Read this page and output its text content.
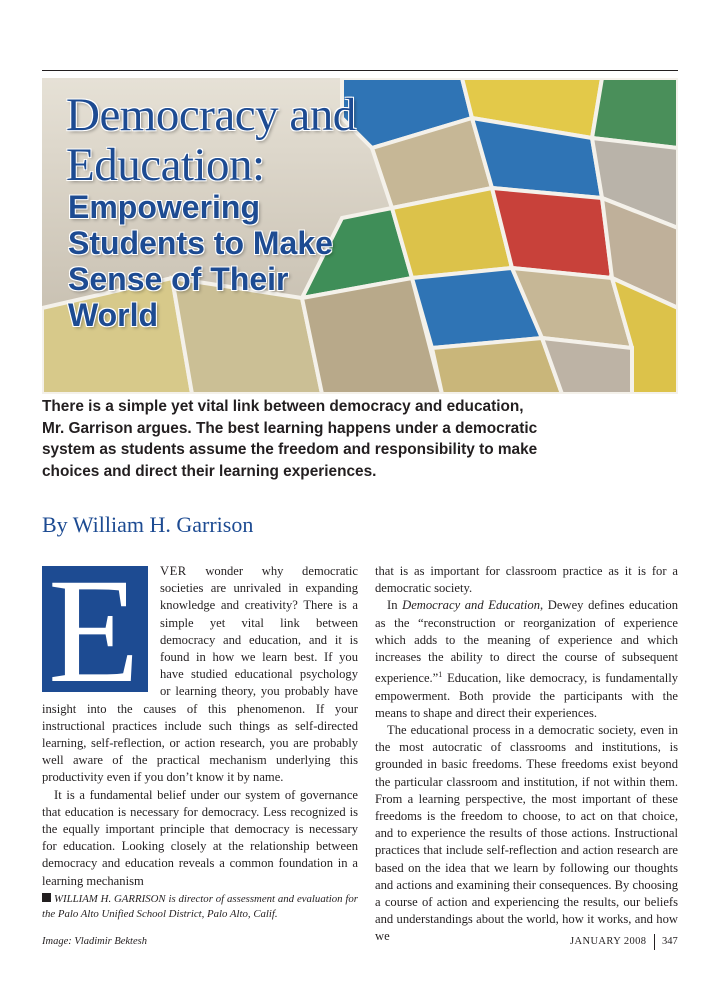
Democracy and
Education:
Empowering
Students to Make
Sense of Their
World
There is a simple yet vital link between democracy and education,
Mr. Garrison argues. The best learning happens under a democratic
system as students assume the freedom and responsibility to make
choices and direct their learning experiences.
By William H. Garrison
E	VER wonder why democratic societies are unrivaled in expanding knowledge and creativity? There is a simple yet vital link between democracy and education, and it is found in how we learn best. If you have studied educational psychology or learning theory, you probably have insight into the causes of this phenomenon. If your instructional practices include such things as self-directed learning, self-reflection, or action research, you are probably well aware of the practical mechanism underlying this productivity even if you don’t know it by name.

It is a fundamental belief under our system of governance that education is necessary for democracy. Less recognized is the equally important principle that democracy is necessary for education. Looking closely at the relationship between democracy and education reveals a common foundation in a learning mechanism

WILLIAM H. GARRISON is director of assessment and evaluation for the Palo Alto Unified School District, Palo Alto, Calif.

that is as important for classroom practice as it is for a democratic society.

In Democracy and Education, Dewey defines education as the “reconstruction or reorganization of experience which adds to the meaning of experience and which increases the ability to direct the course of subsequent experience.”$^1$ Education, like democracy, is fundamentally empowerment. Both provide the participants with the means to shape and direct their experiences.

The educational process in a democratic society, even in the most autocratic of classrooms and institutions, is grounded in basic freedoms. These freedoms exist beyond the particular classroom and institution, if not within them. From a learning perspective, the most important of these freedoms is the freedom to choose, to act on that choice, and to experience the results of those actions. Instructional practices that include self-reflection and action research are based on the idea that we learn by following our thoughts and actions and examining their consequences. By choosing a course of action and experiencing the results, our beliefs and understandings about the world, how it works, and how we

Image: Vladimir Bektesh	JANUARY 2008 347
